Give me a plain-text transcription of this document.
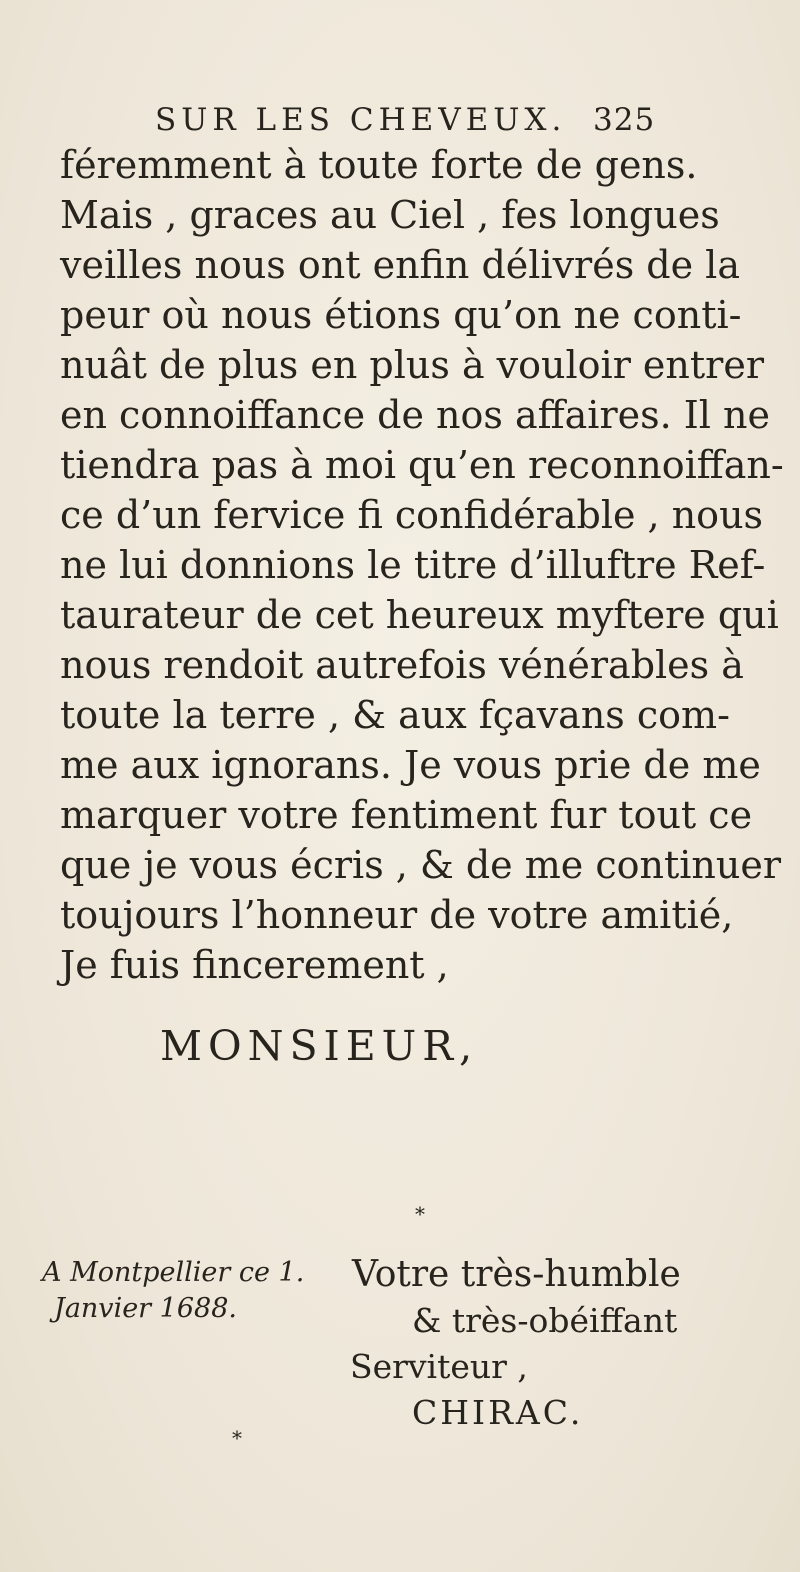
SUR LES CHEVEUX. 325
féremment à toute forte de gens.
Mais , graces au Ciel , fes longues
veilles nous ont enfin délivrés de la
peur où nous étions qu’on ne conti-
nuât de plus en plus à vouloir entrer
en connoiffance de nos affaires. Il ne
tiendra pas à moi qu’en reconnoiffan-
ce d’un fervice fi confidérable , nous
ne lui donnions le titre d’illuftre Ref-
taurateur de cet heureux myftere qui
nous rendoit autrefois vénérables à
toute la terre , & aux fçavans com-
me aux ignorans. Je vous prie de me
marquer votre fentiment fur tout ce
que je vous écris , & de me continuer
toujours l’honneur de votre amitié,
Je fuis fincerement ,
MONSIEUR,
*
A Montpellier ce 1.
Janvier 1688.
Votre très-humble
& très-obéiffant
Serviteur ,
CHIRAC.
*
